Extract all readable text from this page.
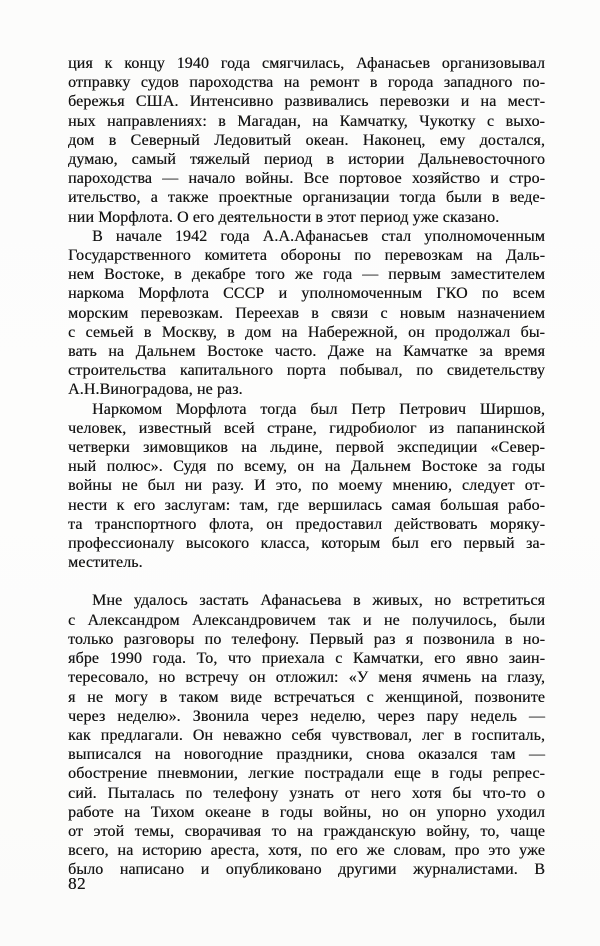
ция к концу 1940 года смягчилась, Афанасьев организовывал
отправку судов пароходства на ремонт в города западного по-
бережья США. Интенсивно развивались перевозки и на мест-
ных направлениях: в Магадан, на Камчатку, Чукотку с выхо-
дом в Северный Ледовитый океан. Наконец, ему достался,
думаю, самый тяжелый период в истории Дальневосточного
пароходства — начало войны. Все портовое хозяйство и стро-
ительство, а также проектные организации тогда были в веде-
нии Морфлота. О его деятельности в этот период уже сказано.
В начале 1942 года А.А.Афанасьев стал уполномоченным
Государственного комитета обороны по перевозкам на Даль-
нем Востоке, в декабре того же года — первым заместителем
наркома Морфлота СССР и уполномоченным ГКО по всем
морским перевозкам. Переехав в связи с новым назначением
с семьей в Москву, в дом на Набережной, он продолжал бы-
вать на Дальнем Востоке часто. Даже на Камчатке за время
строительства капитального порта побывал, по свидетельству
А.Н.Виноградова, не раз.
Наркомом Морфлота тогда был Петр Петрович Ширшов,
человек, известный всей стране, гидробиолог из папанинской
четверки зимовщиков на льдине, первой экспедиции «Север-
ный полюс». Судя по всему, он на Дальнем Востоке за годы
войны не был ни разу. И это, по моему мнению, следует от-
нести к его заслугам: там, где вершилась самая большая рабо-
та транспортного флота, он предоставил действовать моряку-
профессионалу высокого класса, которым был его первый за-
меститель.
Мне удалось застать Афанасьева в живых, но встретиться
с Александром Александровичем так и не получилось, были
только разговоры по телефону. Первый раз я позвонила в но-
ябре 1990 года. То, что приехала с Камчатки, его явно заин-
тересовало, но встречу он отложил: «У меня ячмень на глазу,
я не могу в таком виде встречаться с женщиной, позвоните
через неделю». Звонила через неделю, через пару недель —
как предлагали. Он неважно себя чувствовал, лег в госпиталь,
выписался на новогодние праздники, снова оказался там —
обострение пневмонии, легкие пострадали еще в годы репрес-
сий. Пыталась по телефону узнать от него хотя бы что-то о
работе на Тихом океане в годы войны, но он упорно уходил
от этой темы, сворачивая то на гражданскую войну, то, чаще
всего, на историю ареста, хотя, по его же словам, про это уже
было написано и опубликовано другими журналистами. В
82
